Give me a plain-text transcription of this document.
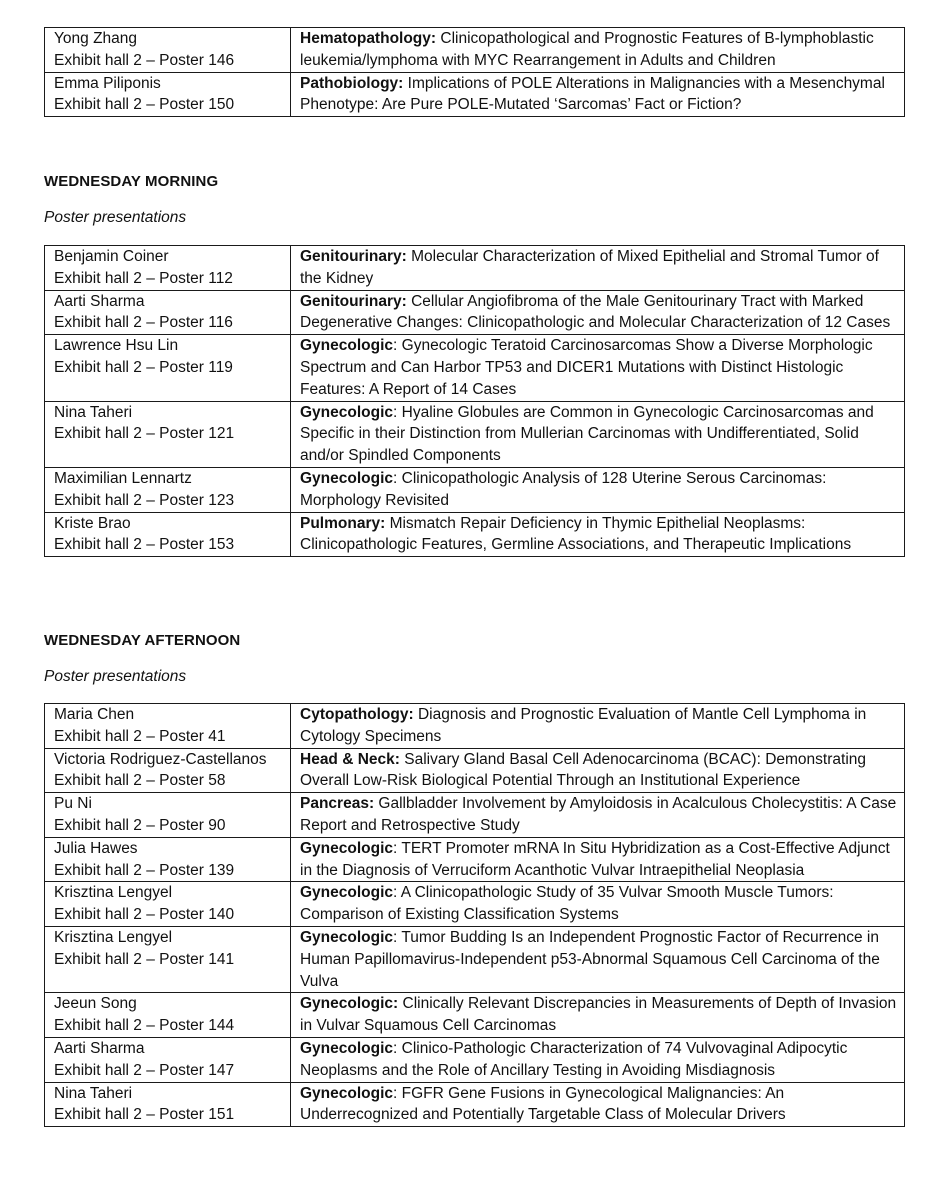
Yong Zhang
Exhibit hall 2 – Poster 146	Hematopathology: Clinicopathological and Prognostic Features of B-lymphoblastic leukemia/lymphoma with MYC Rearrangement in Adults and Children

Emma Piliponis
Exhibit hall 2 – Poster 150	Pathobiology: Implications of POLE Alterations in Malignancies with a Mesenchymal Phenotype: Are Pure POLE-Mutated ‘Sarcomas’ Fact or Fiction?
WEDNESDAY MORNING
Poster presentations
Benjamin Coiner
Exhibit hall 2 – Poster 112	Genitourinary: Molecular Characterization of Mixed Epithelial and Stromal Tumor of the Kidney

Aarti Sharma
Exhibit hall 2 – Poster 116	Genitourinary: Cellular Angiofibroma of the Male Genitourinary Tract with Marked Degenerative Changes: Clinicopathologic and Molecular Characterization of 12 Cases

Lawrence Hsu Lin
Exhibit hall 2 – Poster 119	Gynecologic: Gynecologic Teratoid Carcinosarcomas Show a Diverse Morphologic Spectrum and Can Harbor TP53 and DICER1 Mutations with Distinct Histologic Features: A Report of 14 Cases

Nina Taheri
Exhibit hall 2 – Poster 121	Gynecologic: Hyaline Globules are Common in Gynecologic Carcinosarcomas and Specific in their Distinction from Mullerian Carcinomas with Undifferentiated, Solid and/or Spindled Components

Maximilian Lennartz
Exhibit hall 2 – Poster 123	Gynecologic: Clinicopathologic Analysis of 128 Uterine Serous Carcinomas: Morphology Revisited

Kriste Brao
Exhibit hall 2 – Poster 153	Pulmonary: Mismatch Repair Deficiency in Thymic Epithelial Neoplasms: Clinicopathologic Features, Germline Associations, and Therapeutic Implications
WEDNESDAY AFTERNOON
Poster presentations
Maria Chen
Exhibit hall 2 – Poster 41	Cytopathology: Diagnosis and Prognostic Evaluation of Mantle Cell Lymphoma in Cytology Specimens

Victoria Rodriguez-Castellanos
Exhibit hall 2 – Poster 58	Head & Neck: Salivary Gland Basal Cell Adenocarcinoma (BCAC): Demonstrating Overall Low-Risk Biological Potential Through an Institutional Experience

Pu Ni
Exhibit hall 2 – Poster 90	Pancreas: Gallbladder Involvement by Amyloidosis in Acalculous Cholecystitis: A Case Report and Retrospective Study

Julia Hawes
Exhibit hall 2 – Poster 139	Gynecologic: TERT Promoter mRNA In Situ Hybridization as a Cost-Effective Adjunct in the Diagnosis of Verruciform Acanthotic Vulvar Intraepithelial Neoplasia

Krisztina Lengyel
Exhibit hall 2 – Poster 140	Gynecologic: A Clinicopathologic Study of 35 Vulvar Smooth Muscle Tumors: Comparison of Existing Classification Systems

Krisztina Lengyel
Exhibit hall 2 – Poster 141	Gynecologic: Tumor Budding Is an Independent Prognostic Factor of Recurrence in Human Papillomavirus-Independent p53-Abnormal Squamous Cell Carcinoma of the Vulva

Jeeun Song
Exhibit hall 2 – Poster 144	Gynecologic: Clinically Relevant Discrepancies in Measurements of Depth of Invasion in Vulvar Squamous Cell Carcinomas

Aarti Sharma
Exhibit hall 2 – Poster 147	Gynecologic: Clinico-Pathologic Characterization of 74 Vulvovaginal Adipocytic Neoplasms and the Role of Ancillary Testing in Avoiding Misdiagnosis

Nina Taheri
Exhibit hall 2 – Poster 151	Gynecologic: FGFR Gene Fusions in Gynecological Malignancies: An Underrecognized and Potentially Targetable Class of Molecular Drivers
